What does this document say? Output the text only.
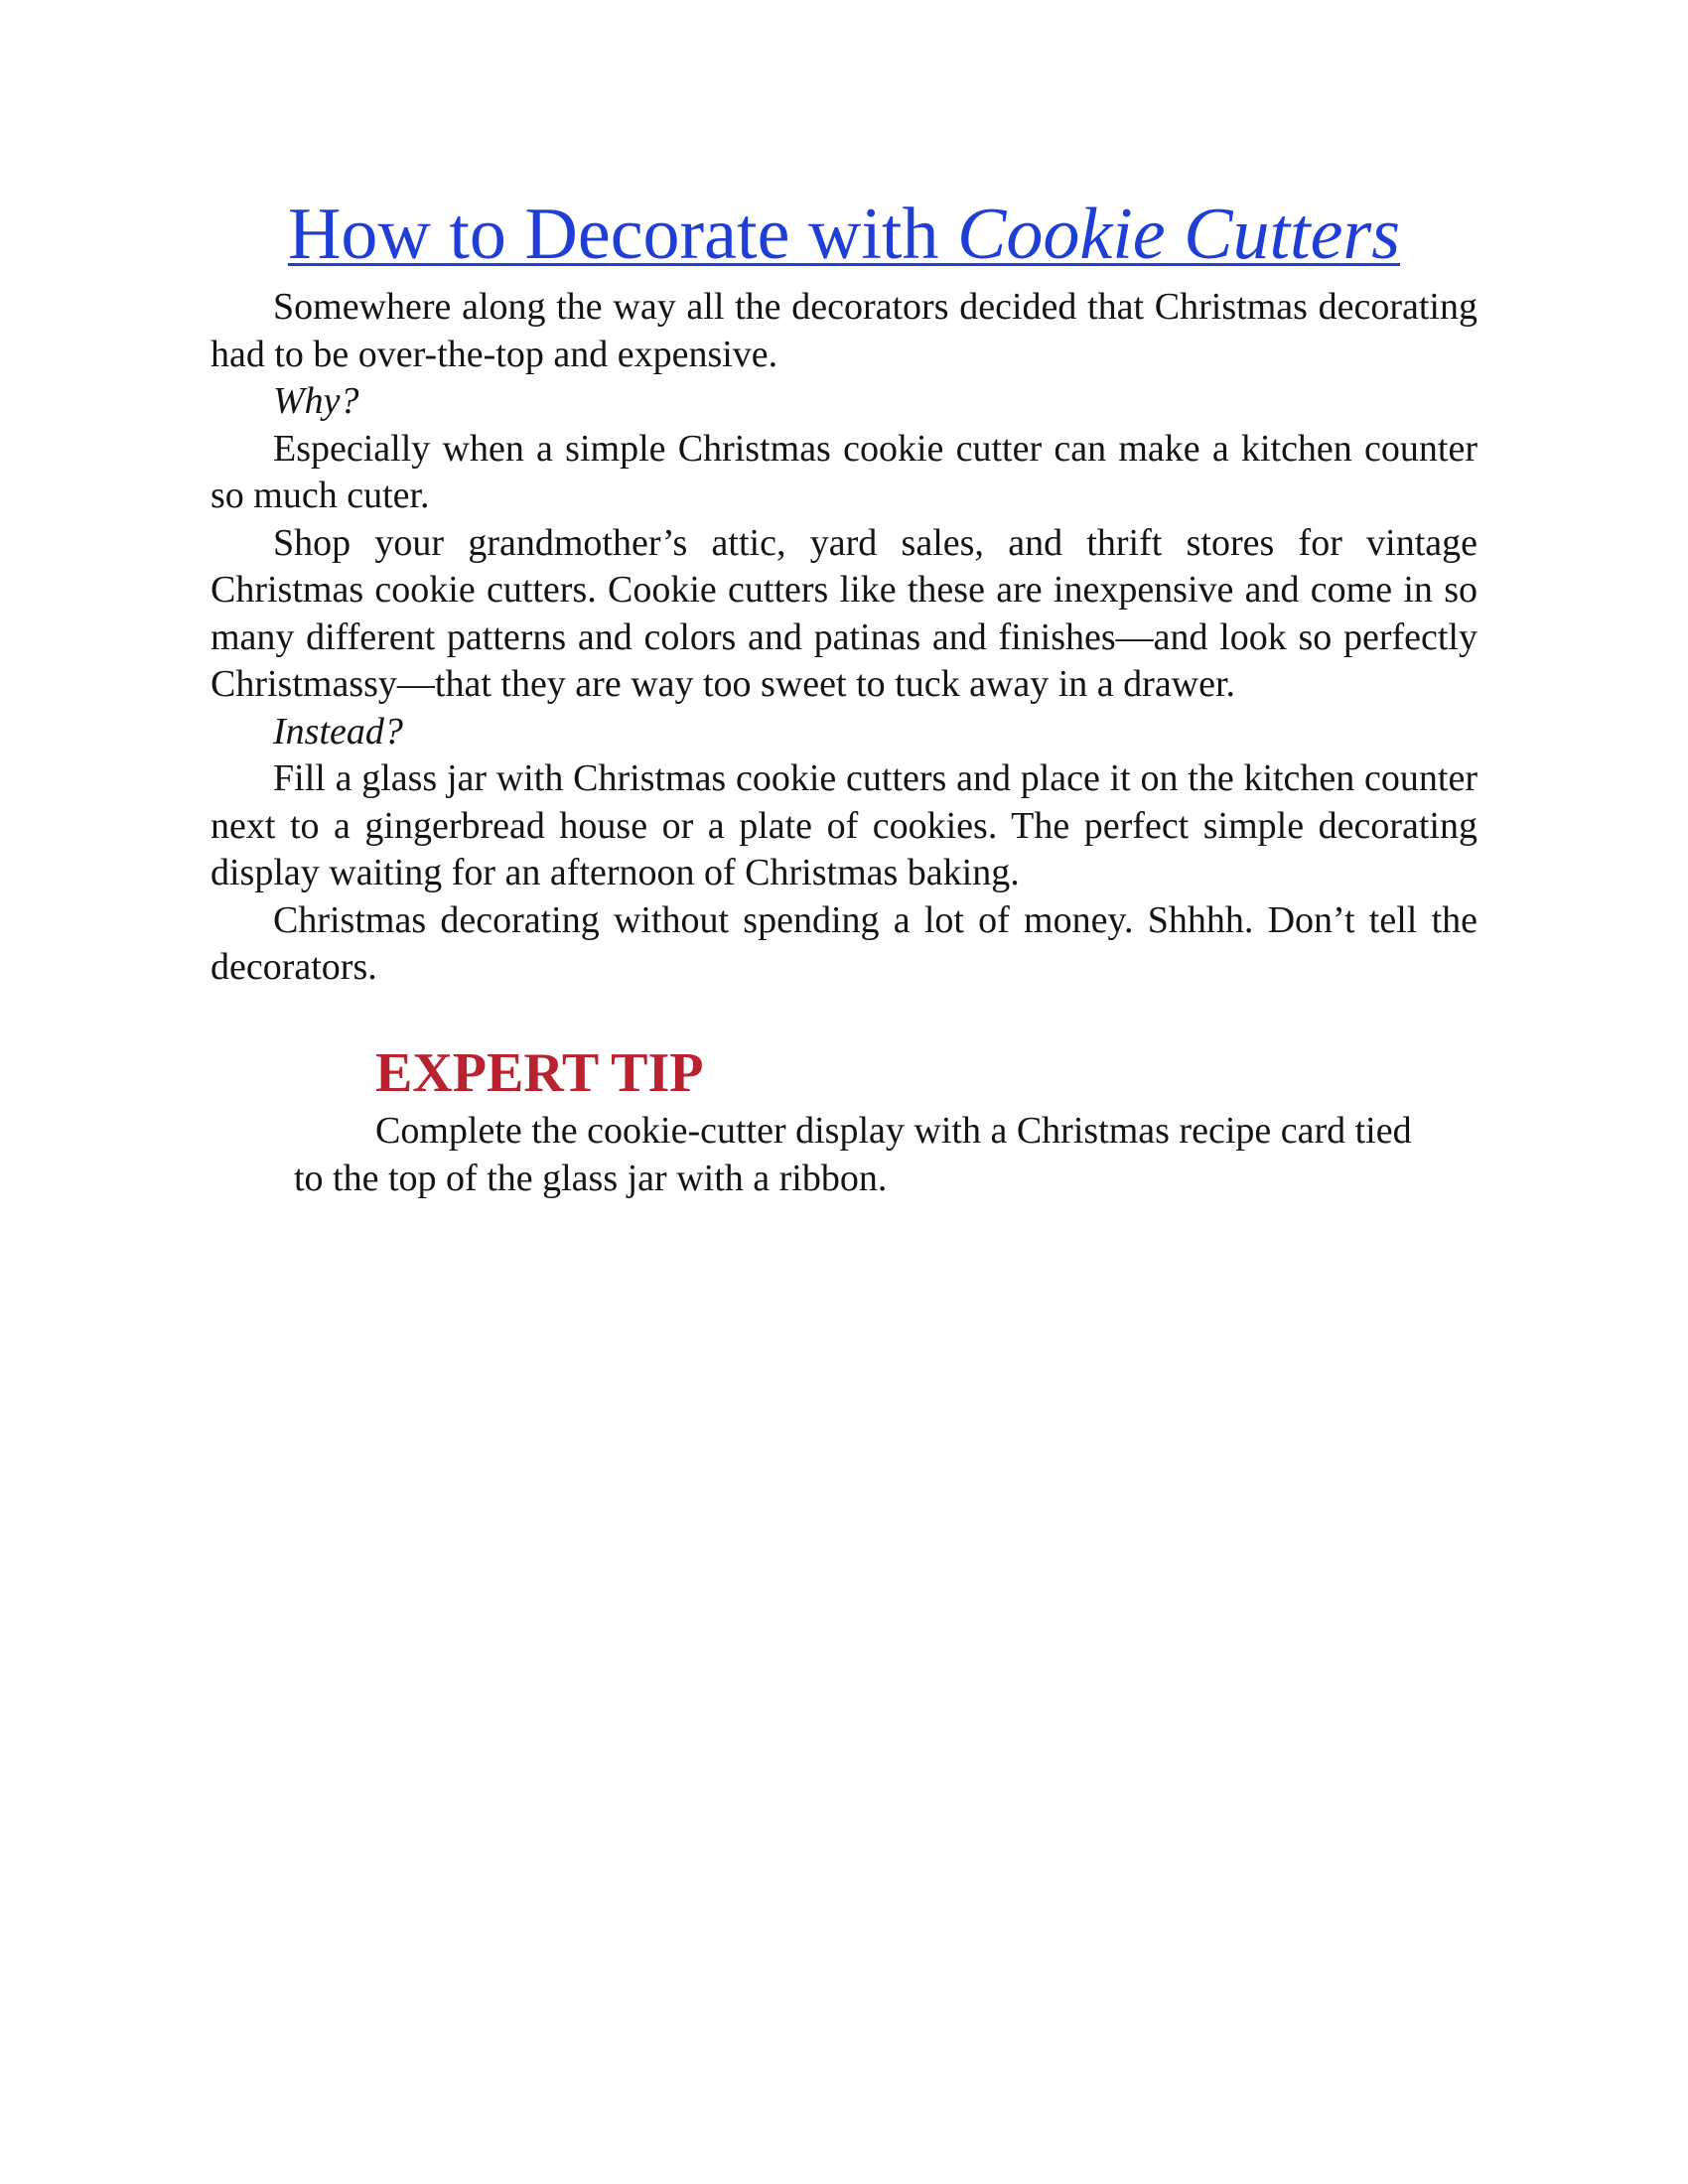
How to Decorate with Cookie Cutters

Somewhere along the way all the decorators decided that Christmas decorating had to be over-the-top and expensive.

Why?

Especially when a simple Christmas cookie cutter can make a kitchen counter so much cuter.

Shop your grandmother’s attic, yard sales, and thrift stores for vintage Christmas cookie cutters. Cookie cutters like these are inexpensive and come in so many different patterns and colors and patinas and finishes—and look so perfectly Christmassy—that they are way too sweet to tuck away in a drawer.

Instead?

Fill a glass jar with Christmas cookie cutters and place it on the kitchen counter next to a gingerbread house or a plate of cookies. The perfect simple decorating display waiting for an afternoon of Christmas baking.

Christmas decorating without spending a lot of money. Shhhh. Don’t tell the decorators.

EXPERT TIP

Complete the cookie-cutter display with a Christmas recipe card tied to the top of the glass jar with a ribbon.
